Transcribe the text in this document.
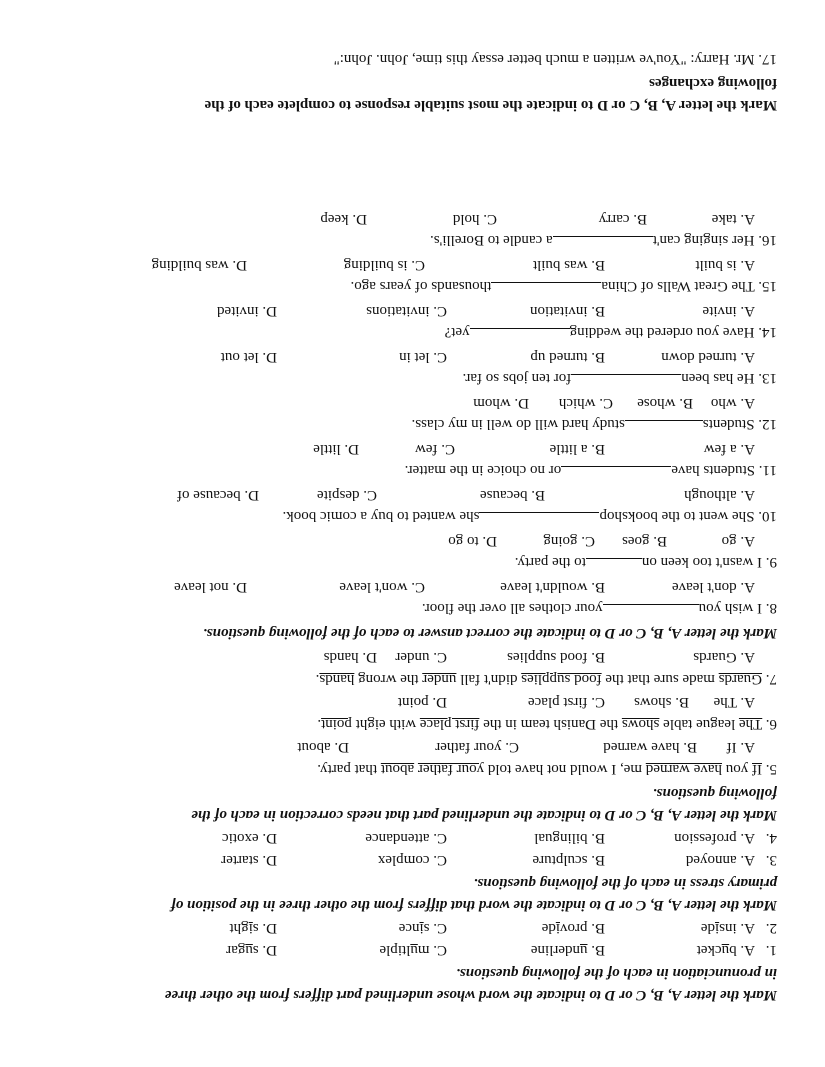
Mark the letter A, B, C or D to indicate the word whose underlined part differs from the other three
in pronunciation in each of the following questions.
1.
A. bucket
B. underline
C. multiple
D. sugar
2.
A. inside
B. provide
C. since
D. sight
Mark the letter A, B, C or D to indicate the word that differs from the other three in the position of
primary stress in each of the following questions.
3.
A. annoyed
B. sculpture
C. complex
D. starter
4.
A. profession
B. bilingual
C. attendance
D. exotic
Mark the letter A, B, C or D to indicate the underlined part that needs correction in each of the
following questions.
5. If you have warned me, I would not have told your father about that party.
A. If
B. have warned
C. your father
D. about
6. The league table shows the Danish team in the first place with eight point.
A. The
B. shows
C. first place
D. point
7. Guards made sure that the food supplies didn't fall under the wrong hands.
A. Guards
B. food supplies
C. under
D. hands
Mark the letter A, B, C or D to indicate the correct answer to each of the following questions.
8. I wish youyour clothes all over the floor.
A. don't leave
B. wouldn't leave
C. won't leave
D. not leave
9. I wasn't too keen onto the party.
A. go
B. goes
C. going
D. to go
10. She went to the bookshopshe wanted to buy a comic book.
A. although
B. because
C. despite
D. because of
11. Students haveor no choice in the matter.
A. a few
B. a little
C. few
D. little
12. Studentsstudy hard will do well in my class.
A. who
B. whose
C. which
D. whom
13. He has beenfor ten jobs so far.
A. turned down
B. turned up
C. let in
D. let out
14. Have you ordered the weddingyet?
A. invite
B. invitation
C. invitations
D. invited
15. The Great Walls of Chinathousands of years ago.
A. is built
B. was built
C. is building
D. was building
16. Her singing can'ta candle to Borelli's.
A. take
B. carry
C. hold
D. keep
Mark the letter A, B, C or D to indicate the most suitable response to complete each of the
following exchanges
17. Mr. Harry: "You've written a much better essay this time, John. John:"
